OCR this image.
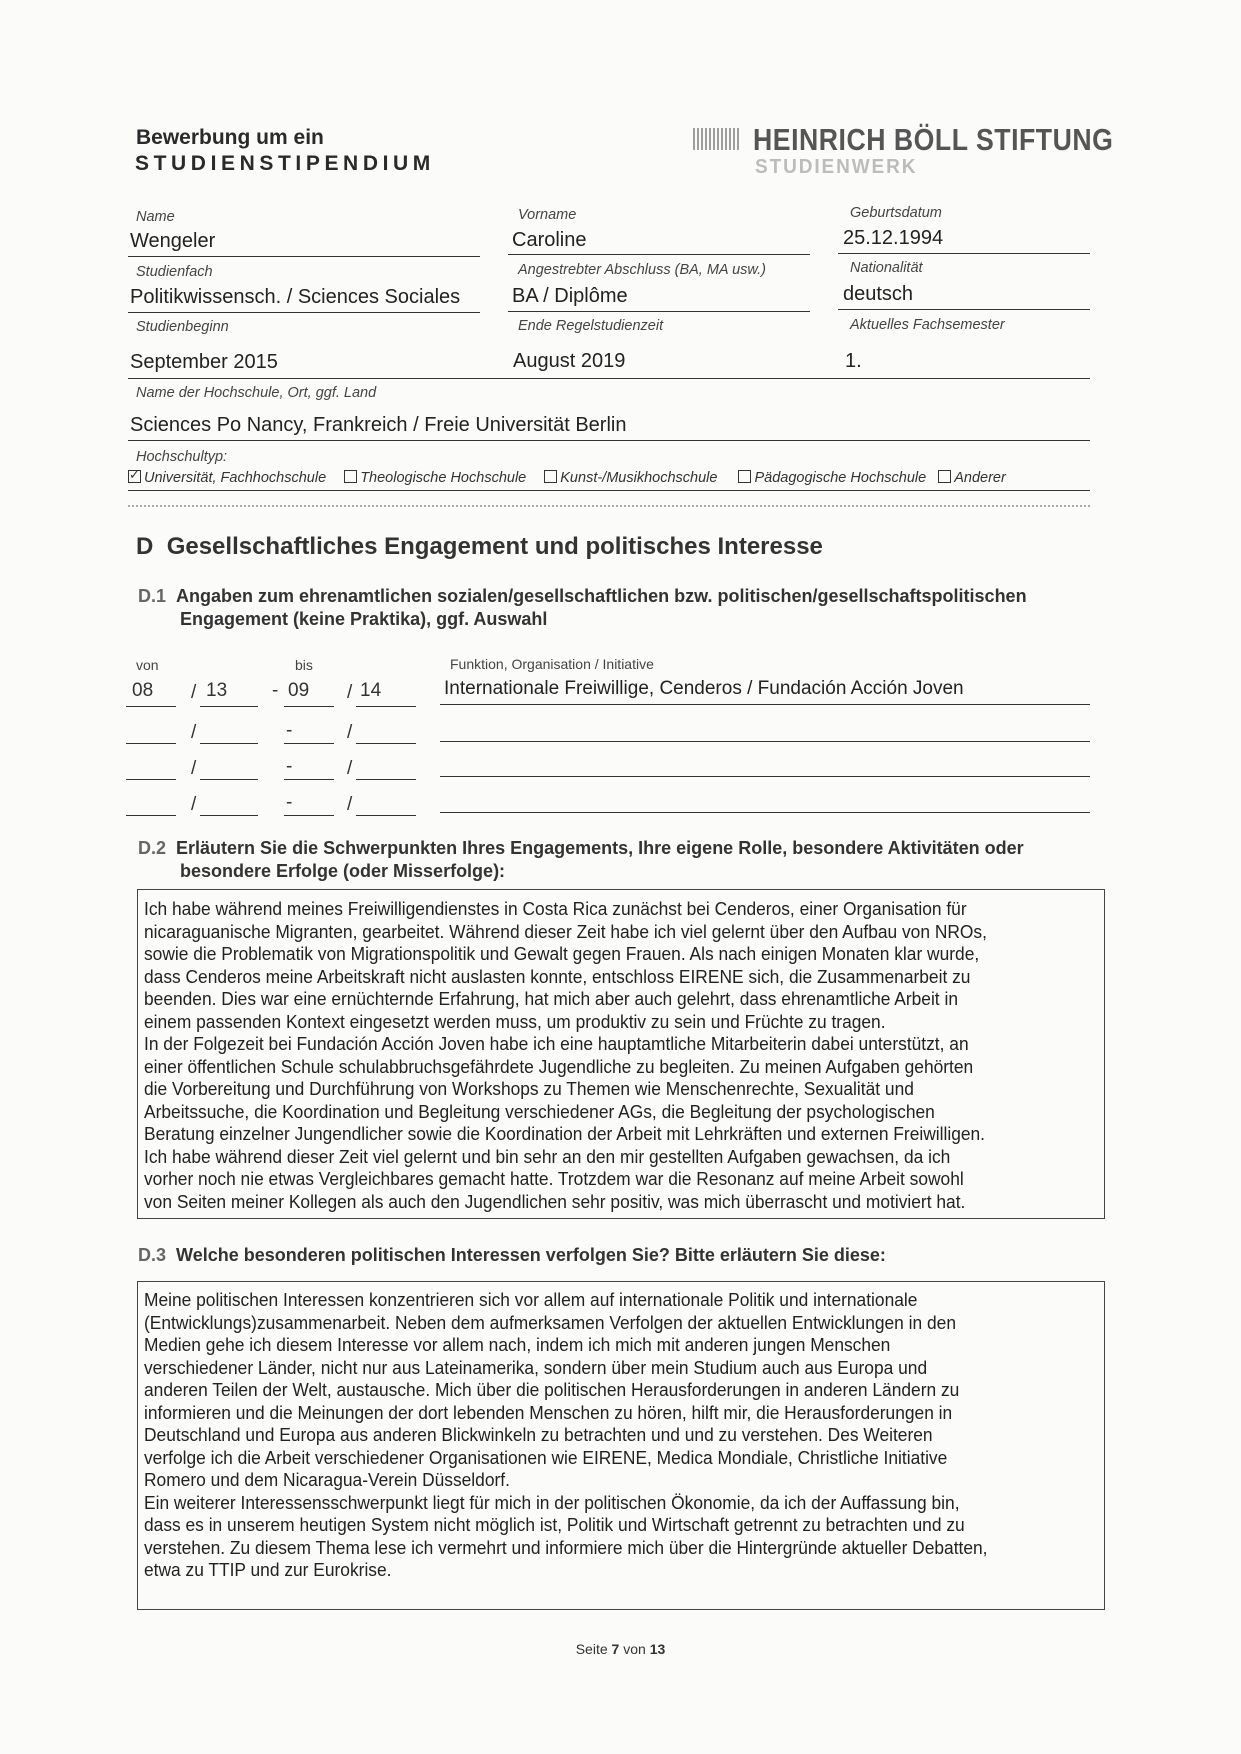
Bewerbung um ein
STUDIENSTIPENDIUM
HEINRICH BÖLL STIFTUNG
STUDIENWERK
Name
Wengeler
Vorname
Caroline
Geburtsdatum
25.12.1994
Studienfach
Politikwissensch. / Sciences Sociales
Angestrebter Abschluss (BA, MA usw.)
BA / Diplôme
Nationalität
deutsch
Studienbeginn
September 2015
Ende Regelstudienzeit
August 2019
Aktuelles Fachsemester
1.
Name der Hochschule, Ort, ggf. Land
Sciences Po Nancy, Frankreich / Freie Universität Berlin
Hochschultyp:
✓Universität, Fachhochschule Theologische Hochschule Kunst-/Musikhochschule	Pädagogische Hochschule Anderer
D Gesellschaftliches Engagement und politisches Interesse
D.1 Angaben zum ehrenamtlichen sozialen/gesellschaftlichen bzw. politischen/gesellschaftspolitischen
Engagement (keine Praktika), ggf. Auswahl
von	bis	Funktion, Organisation / Initiative
08 / 13 - 09 / 14	Internationale Freiwillige, Cenderos / Fundación Acción Joven
/	-	/
/	-	/
/	-	/
D.2 Erläutern Sie die Schwerpunkten Ihres Engagements, Ihre eigene Rolle, besondere Aktivitäten oder
besondere Erfolge (oder Misserfolge):
Ich habe während meines Freiwilligendienstes in Costa Rica zunächst bei Cenderos, einer Organisation für
nicaraguanische Migranten, gearbeitet. Während dieser Zeit habe ich viel gelernt über den Aufbau von NROs,
sowie die Problematik von Migrationspolitik und Gewalt gegen Frauen. Als nach einigen Monaten klar wurde,
dass Cenderos meine Arbeitskraft nicht auslasten konnte, entschloss EIRENE sich, die Zusammenarbeit zu
beenden. Dies war eine ernüchternde Erfahrung, hat mich aber auch gelehrt, dass ehrenamtliche Arbeit in
einem passenden Kontext eingesetzt werden muss, um produktiv zu sein und Früchte zu tragen.
In der Folgezeit bei Fundación Acción Joven habe ich eine hauptamtliche Mitarbeiterin dabei unterstützt, an
einer öffentlichen Schule schulabbruchsgefährdete Jugendliche zu begleiten. Zu meinen Aufgaben gehörten
die Vorbereitung und Durchführung von Workshops zu Themen wie Menschenrechte, Sexualität und
Arbeitssuche, die Koordination und Begleitung verschiedener AGs, die Begleitung der psychologischen
Beratung einzelner Jungendlicher sowie die Koordination der Arbeit mit Lehrkräften und externen Freiwilligen.
Ich habe während dieser Zeit viel gelernt und bin sehr an den mir gestellten Aufgaben gewachsen, da ich
vorher noch nie etwas Vergleichbares gemacht hatte. Trotzdem war die Resonanz auf meine Arbeit sowohl
von Seiten meiner Kollegen als auch den Jugendlichen sehr positiv, was mich überrascht und motiviert hat.
D.3 Welche besonderen politischen Interessen verfolgen Sie? Bitte erläutern Sie diese:
Meine politischen Interessen konzentrieren sich vor allem auf internationale Politik und internationale
(Entwicklungs)zusammenarbeit. Neben dem aufmerksamen Verfolgen der aktuellen Entwicklungen in den
Medien gehe ich diesem Interesse vor allem nach, indem ich mich mit anderen jungen Menschen
verschiedener Länder, nicht nur aus Lateinamerika, sondern über mein Studium auch aus Europa und
anderen Teilen der Welt, austausche. Mich über die politischen Herausforderungen in anderen Ländern zu
informieren und die Meinungen der dort lebenden Menschen zu hören, hilft mir, die Herausforderungen in
Deutschland und Europa aus anderen Blickwinkeln zu betrachten und und zu verstehen. Des Weiteren
verfolge ich die Arbeit verschiedener Organisationen wie EIRENE, Medica Mondiale, Christliche Initiative
Romero und dem Nicaragua-Verein Düsseldorf.
Ein weiterer Interessensschwerpunkt liegt für mich in der politischen Ökonomie, da ich der Auffassung bin,
dass es in unserem heutigen System nicht möglich ist, Politik und Wirtschaft getrennt zu betrachten und zu
verstehen. Zu diesem Thema lese ich vermehrt und informiere mich über die Hintergründe aktueller Debatten,
etwa zu TTIP und zur Eurokrise.
Seite 7 von 13
